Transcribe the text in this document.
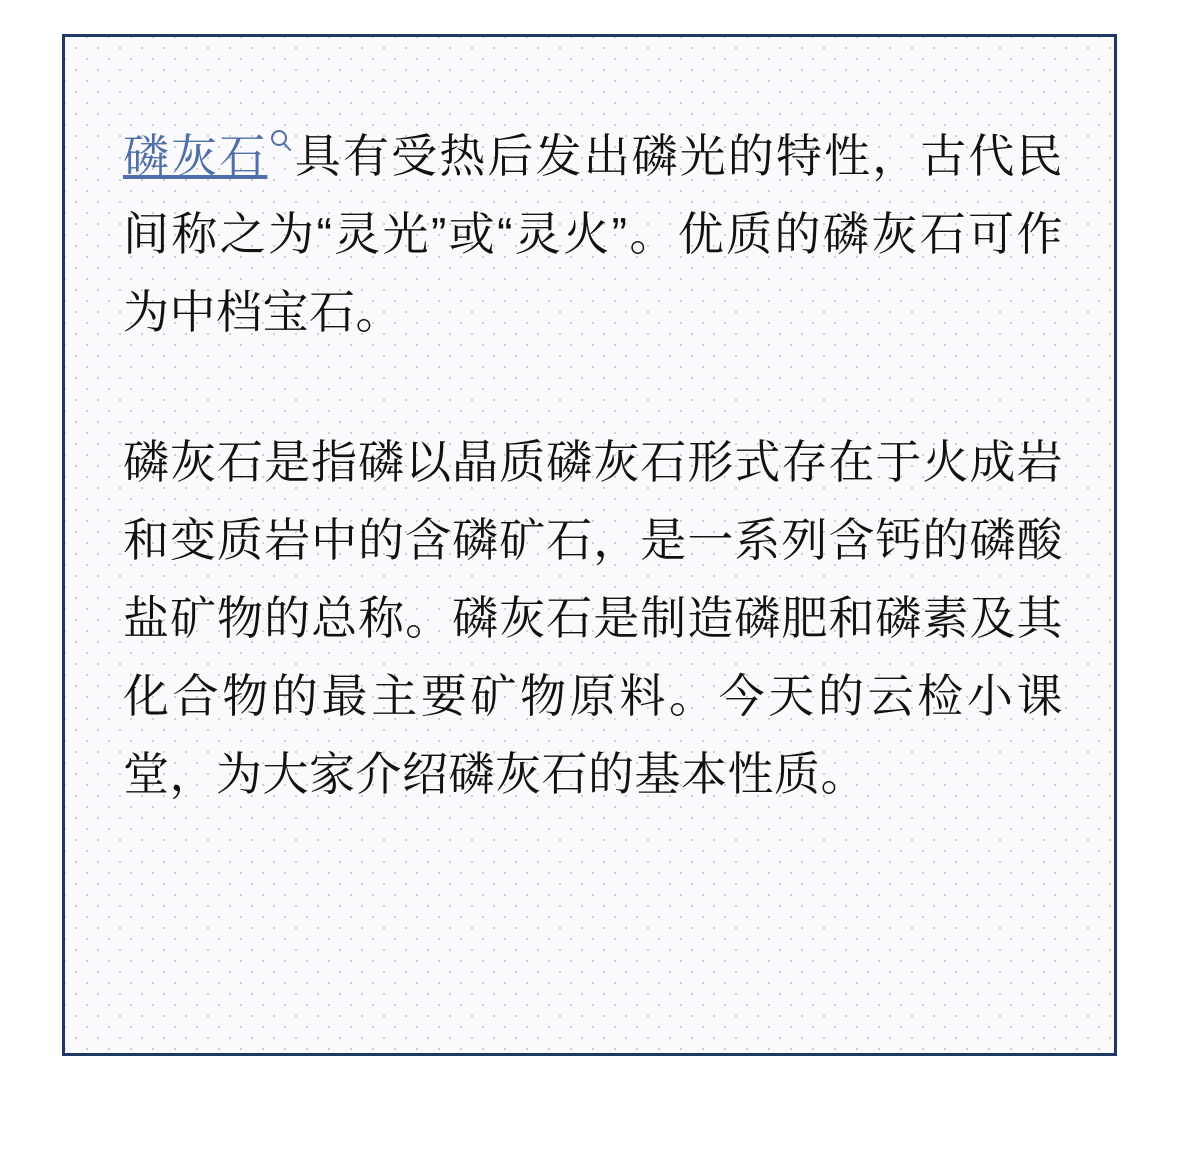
磷灰石 具有受热后发出磷光的特性，古代民间称之为“灵光”或“灵火”。优质的磷灰石可作为中档宝石。

磷灰石是指磷以晶质磷灰石形式存在于火成岩和变质岩中的含磷矿石，是一系列含钙的磷酸盐矿物的总称。磷灰石是制造磷肥和磷素及其化合物的最主要矿物原料。今天的云检小课堂，为大家介绍磷灰石的基本性质。
